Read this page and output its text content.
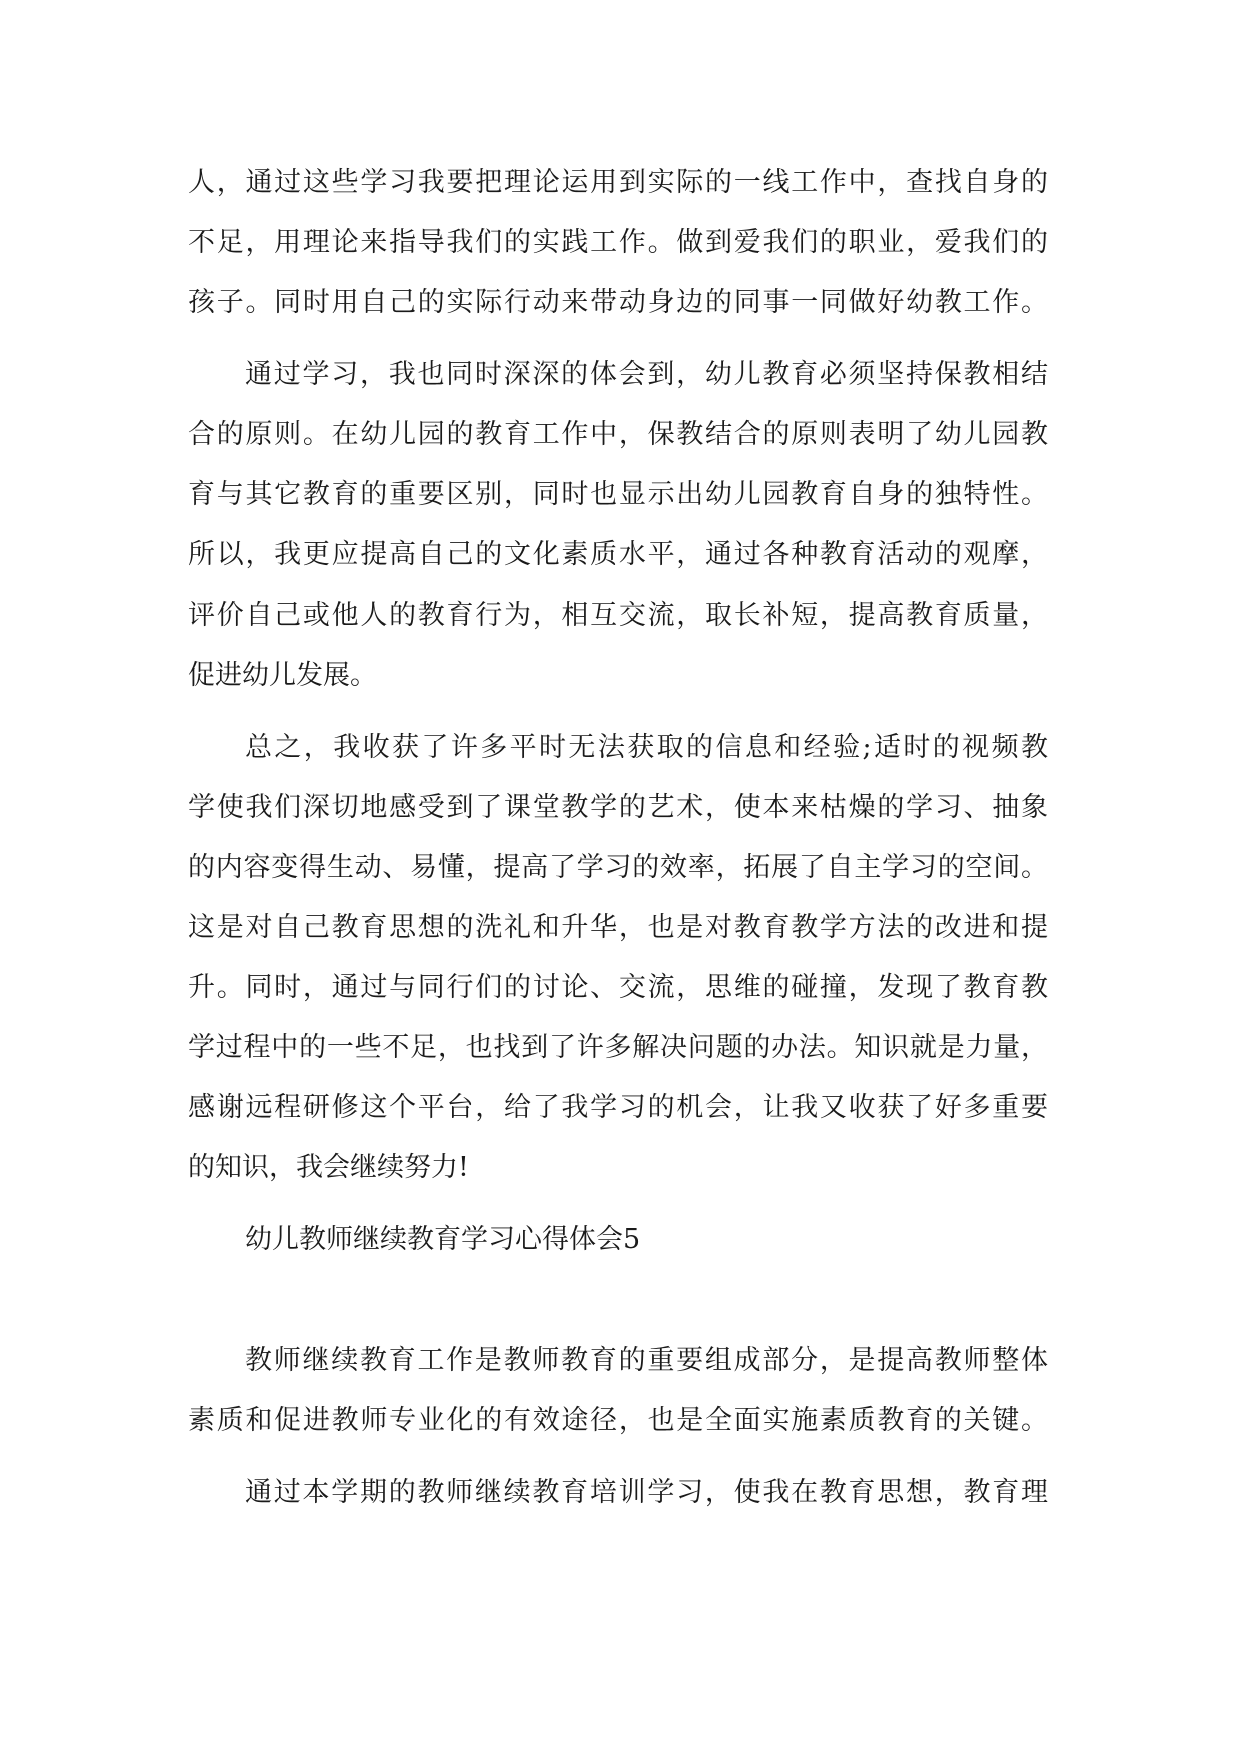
人，通过这些学习我要把理论运用到实际的一线工作中，查找自身的
不足，用理论来指导我们的实践工作。做到爱我们的职业，爱我们的
孩子。同时用自己的实际行动来带动身边的同事一同做好幼教工作。
通过学习，我也同时深深的体会到，幼儿教育必须坚持保教相结
合的原则。在幼儿园的教育工作中，保教结合的原则表明了幼儿园教
育与其它教育的重要区别，同时也显示出幼儿园教育自身的独特性。
所以，我更应提高自己的文化素质水平，通过各种教育活动的观摩，
评价自己或他人的教育行为，相互交流，取长补短，提高教育质量，
促进幼儿发展。
总之，我收获了许多平时无法获取的信息和经验;适时的视频教
学使我们深切地感受到了课堂教学的艺术，使本来枯燥的学习、抽象
的内容变得生动、易懂，提高了学习的效率，拓展了自主学习的空间。
这是对自己教育思想的洗礼和升华，也是对教育教学方法的改进和提
升。同时，通过与同行们的讨论、交流，思维的碰撞，发现了教育教
学过程中的一些不足，也找到了许多解决问题的办法。知识就是力量，
感谢远程研修这个平台，给了我学习的机会，让我又收获了好多重要
的知识，我会继续努力!
幼儿教师继续教育学习心得体会5
教师继续教育工作是教师教育的重要组成部分，是提高教师整体
素质和促进教师专业化的有效途径，也是全面实施素质教育的关键。
通过本学期的教师继续教育培训学习，使我在教育思想，教育理
